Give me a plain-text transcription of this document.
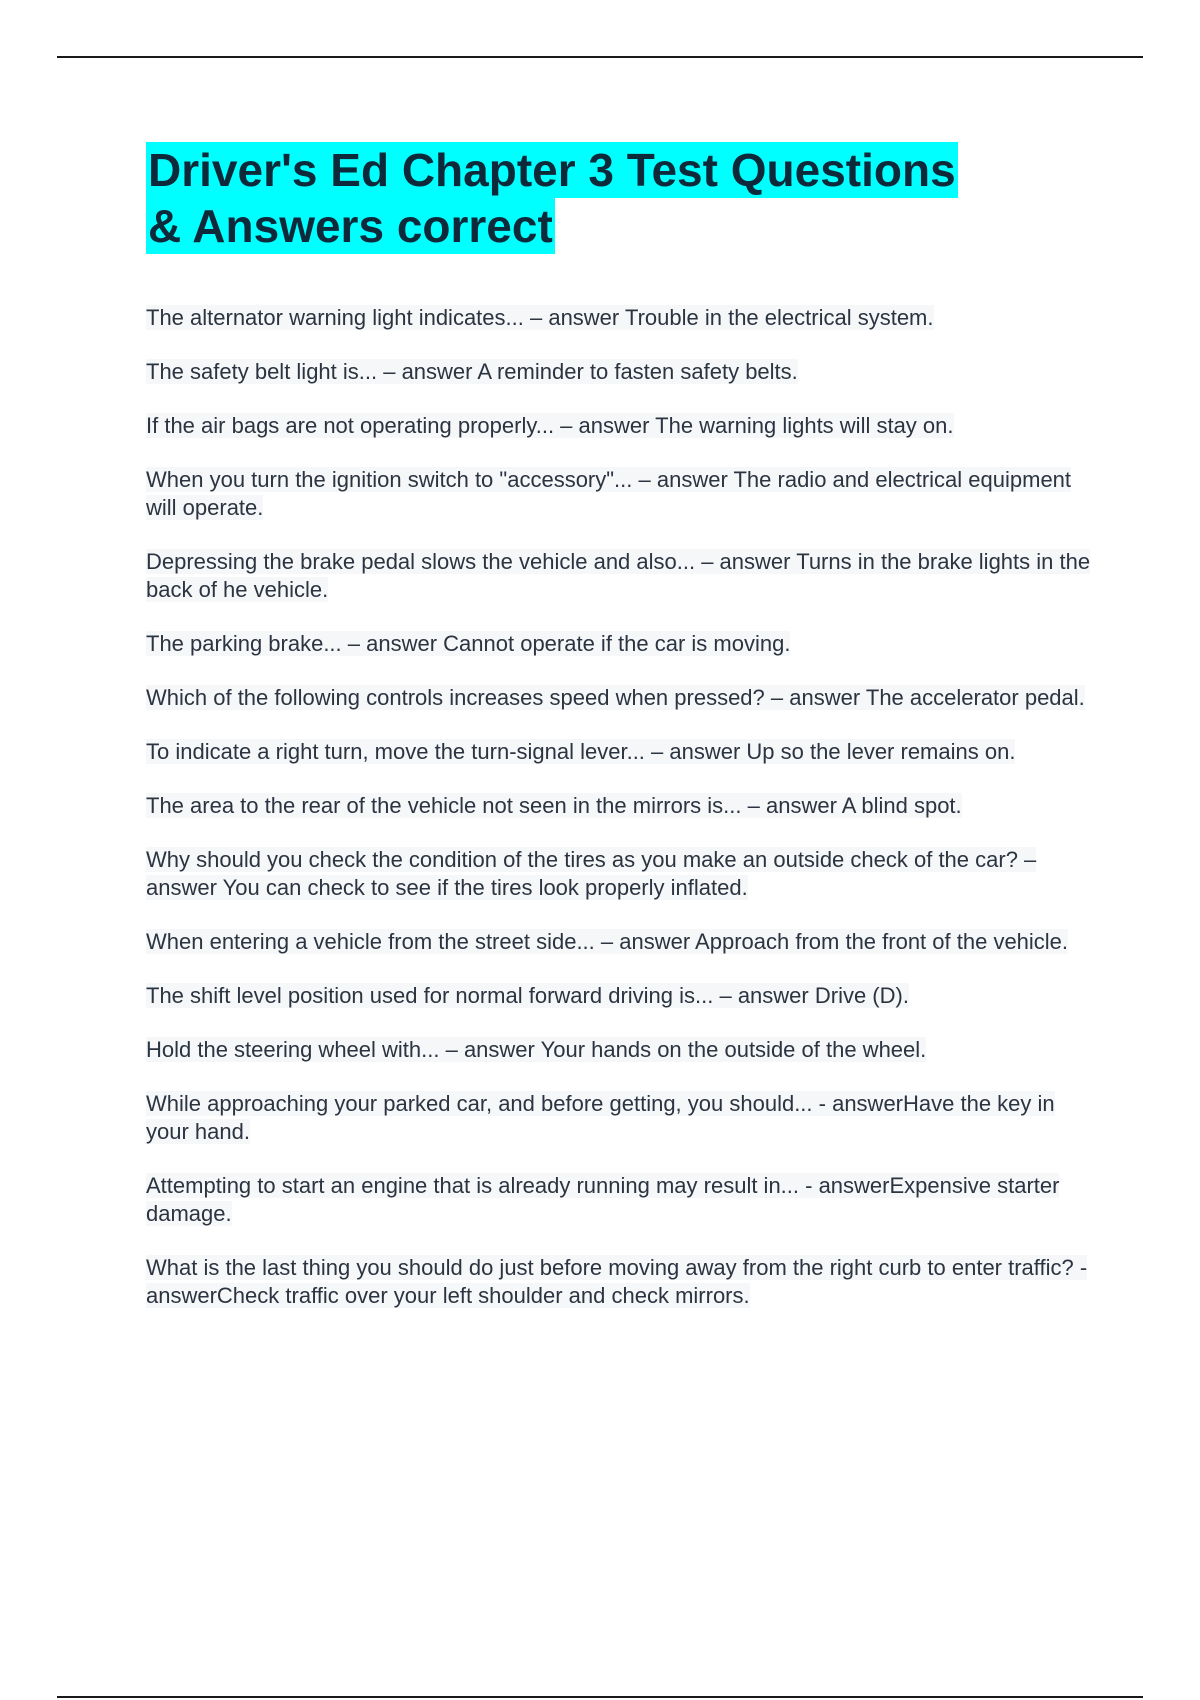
Driver's Ed Chapter 3 Test Questions
& Answers correct
The alternator warning light indicates... – answer Trouble in the electrical system.
The safety belt light is... – answer A reminder to fasten safety belts.
If the air bags are not operating properly... – answer The warning lights will stay on.
When you turn the ignition switch to "accessory"... – answer The radio and electrical equipment will operate.
Depressing the brake pedal slows the vehicle and also... – answer Turns in the brake lights in the back of he vehicle.
The parking brake... – answer Cannot operate if the car is moving.
Which of the following controls increases speed when pressed? – answer The accelerator pedal.
To indicate a right turn, move the turn-signal lever... – answer Up so the lever remains on.
The area to the rear of the vehicle not seen in the mirrors is... – answer A blind spot.
Why should you check the condition of the tires as you make an outside check of the car? – answer You can check to see if the tires look properly inflated.
When entering a vehicle from the street side... – answer Approach from the front of the vehicle.
The shift level position used for normal forward driving is... – answer Drive (D).
Hold the steering wheel with... – answer Your hands on the outside of the wheel.
While approaching your parked car, and before getting, you should... - answerHave the key in your hand.
Attempting to start an engine that is already running may result in... - answerExpensive starter damage.
What is the last thing you should do just before moving away from the right curb to enter traffic? - answerCheck traffic over your left shoulder and check mirrors.
